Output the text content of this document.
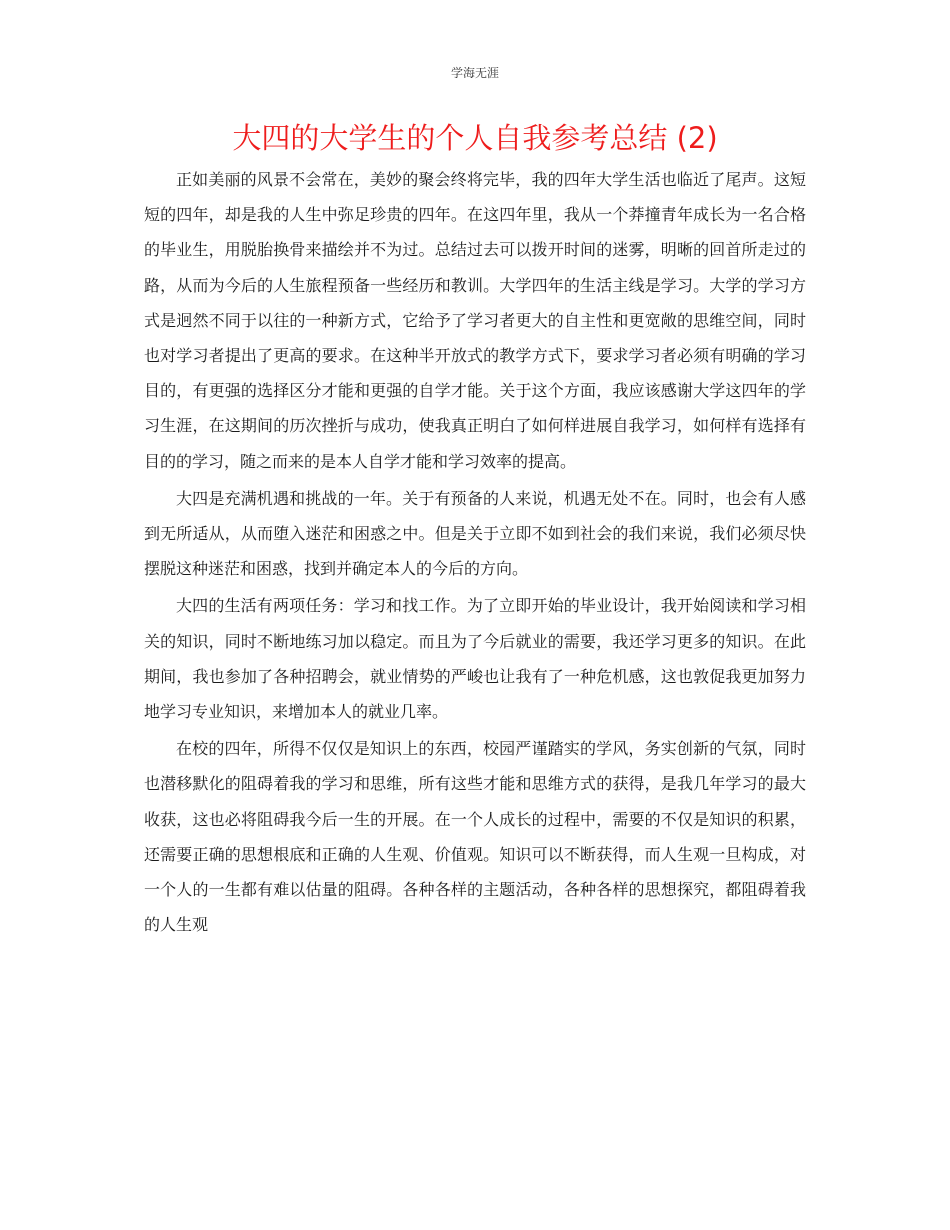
学海无涯
大四的大学生的个人自我参考总结 (2)

正如美丽的风景不会常在，美妙的聚会终将完毕，我的四年大学生活也临近了尾声。这短短的四年，却是我的人生中弥足珍贵的四年。在这四年里，我从一个莽撞青年成长为一名合格的毕业生，用脱胎换骨来描绘并不为过。总结过去可以拨开时间的迷雾，明晰的回首所走过的路，从而为今后的人生旅程预备一些经历和教训。大学四年的生活主线是学习。大学的学习方式是迥然不同于以往的一种新方式，它给予了学习者更大的自主性和更宽敞的思维空间，同时也对学习者提出了更高的要求。在这种半开放式的教学方式下，要求学习者必须有明确的学习目的，有更强的选择区分才能和更强的自学才能。关于这个方面，我应该感谢大学这四年的学习生涯，在这期间的历次挫折与成功，使我真正明白了如何样进展自我学习，如何样有选择有目的的学习，随之而来的是本人自学才能和学习效率的提高。

大四是充满机遇和挑战的一年。关于有预备的人来说，机遇无处不在。同时，也会有人感到无所适从，从而堕入迷茫和困惑之中。但是关于立即不如到社会的我们来说，我们必须尽快摆脱这种迷茫和困惑，找到并确定本人的今后的方向。

大四的生活有两项任务：学习和找工作。为了立即开始的毕业设计，我开始阅读和学习相关的知识，同时不断地练习加以稳定。而且为了今后就业的需要，我还学习更多的知识。在此期间，我也参加了各种招聘会，就业情势的严峻也让我有了一种危机感，这也敦促我更加努力地学习专业知识，来增加本人的就业几率。

在校的四年，所得不仅仅是知识上的东西，校园严谨踏实的学风，务实创新的气氛，同时也潜移默化的阻碍着我的学习和思维，所有这些才能和思维方式的获得，是我几年学习的最大收获，这也必将阻碍我今后一生的开展。在一个人成长的过程中，需要的不仅是知识的积累，还需要正确的思想根底和正确的人生观、价值观。知识可以不断获得，而人生观一旦构成，对一个人的一生都有难以估量的阻碍。各种各样的主题活动，各种各样的思想探究，都阻碍着我的人生观
